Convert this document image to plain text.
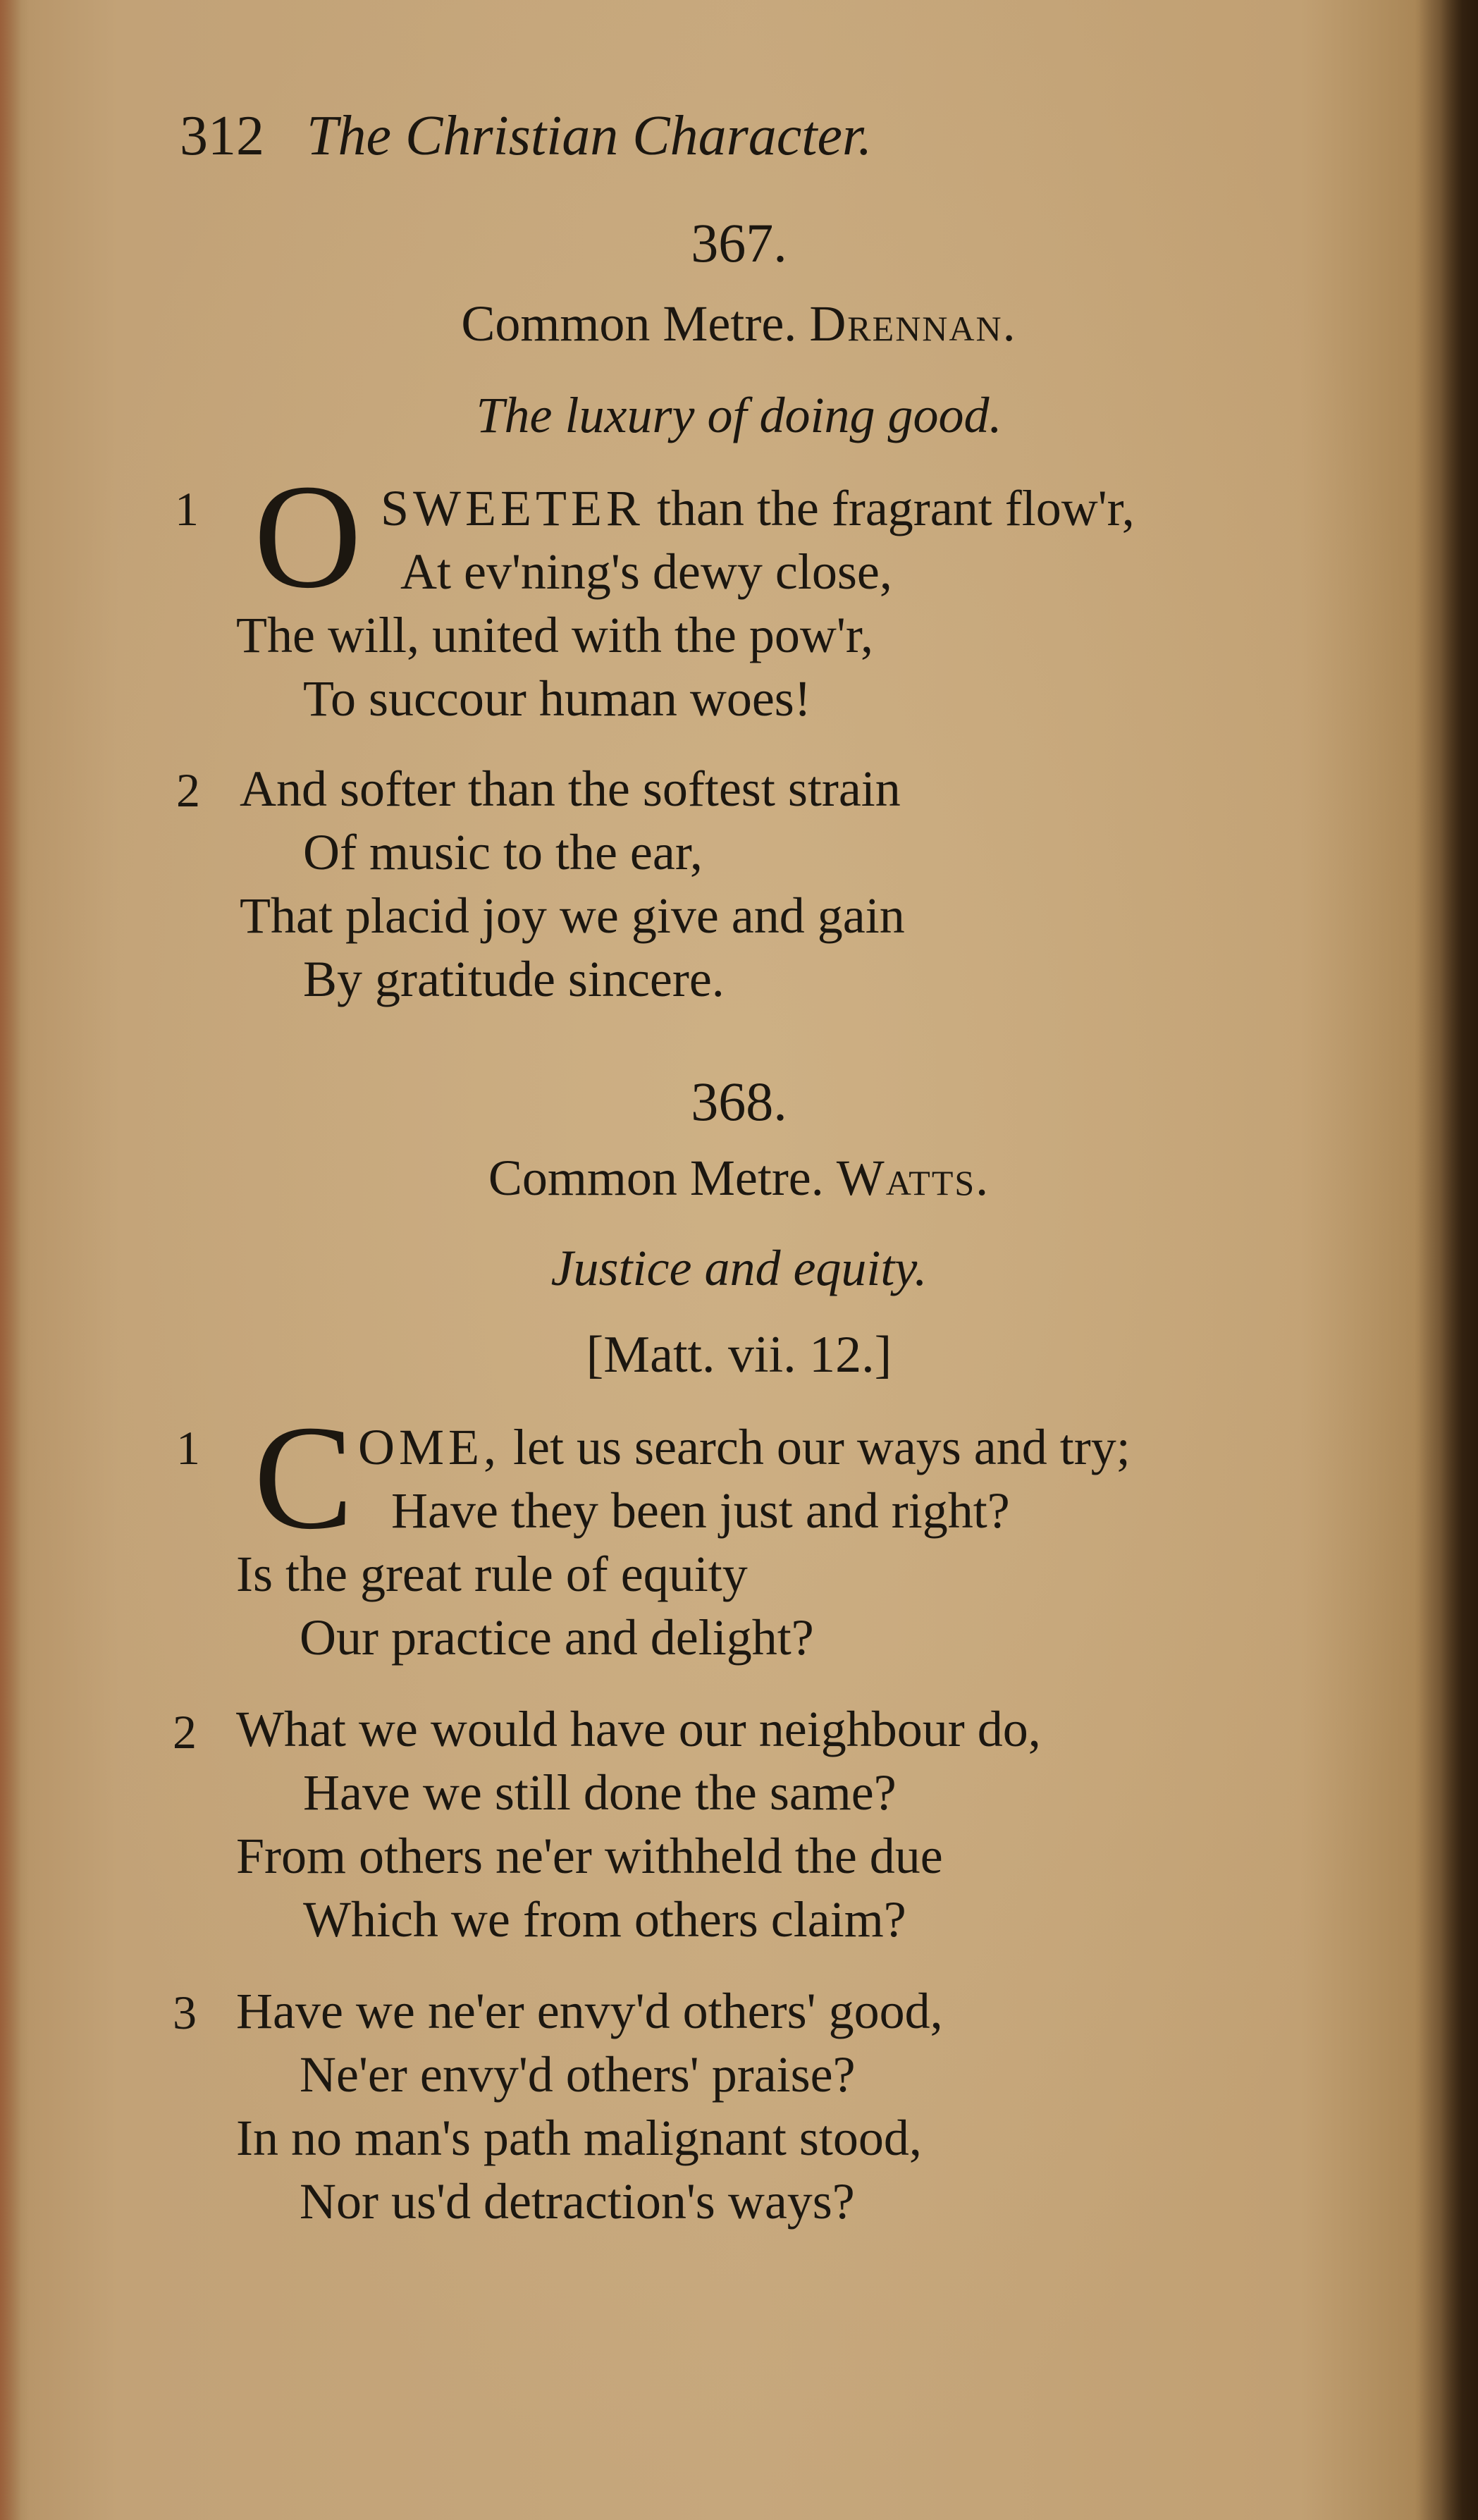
312 The Christian Character.
367.
Common Metre. Drennan.
The luxury of doing good.
1 O SWEETER than the fragrant flow'r,
At ev'ning's dewy close,
The will, united with the pow'r,
To succour human woes!
2 And softer than the softest strain
Of music to the ear,
That placid joy we give and gain
By gratitude sincere.
368.
Common Metre. Watts.
Justice and equity.
[Matt. vii. 12.]
1 C OME, let us search our ways and try;
Have they been just and right?
Is the great rule of equity
Our practice and delight?
2 What we would have our neighbour do,
Have we still done the same?
From others ne'er withheld the due
Which we from others claim?
3 Have we ne'er envy'd others' good,
Ne'er envy'd others' praise?
In no man's path malignant stood,
Nor us'd detraction's ways?
